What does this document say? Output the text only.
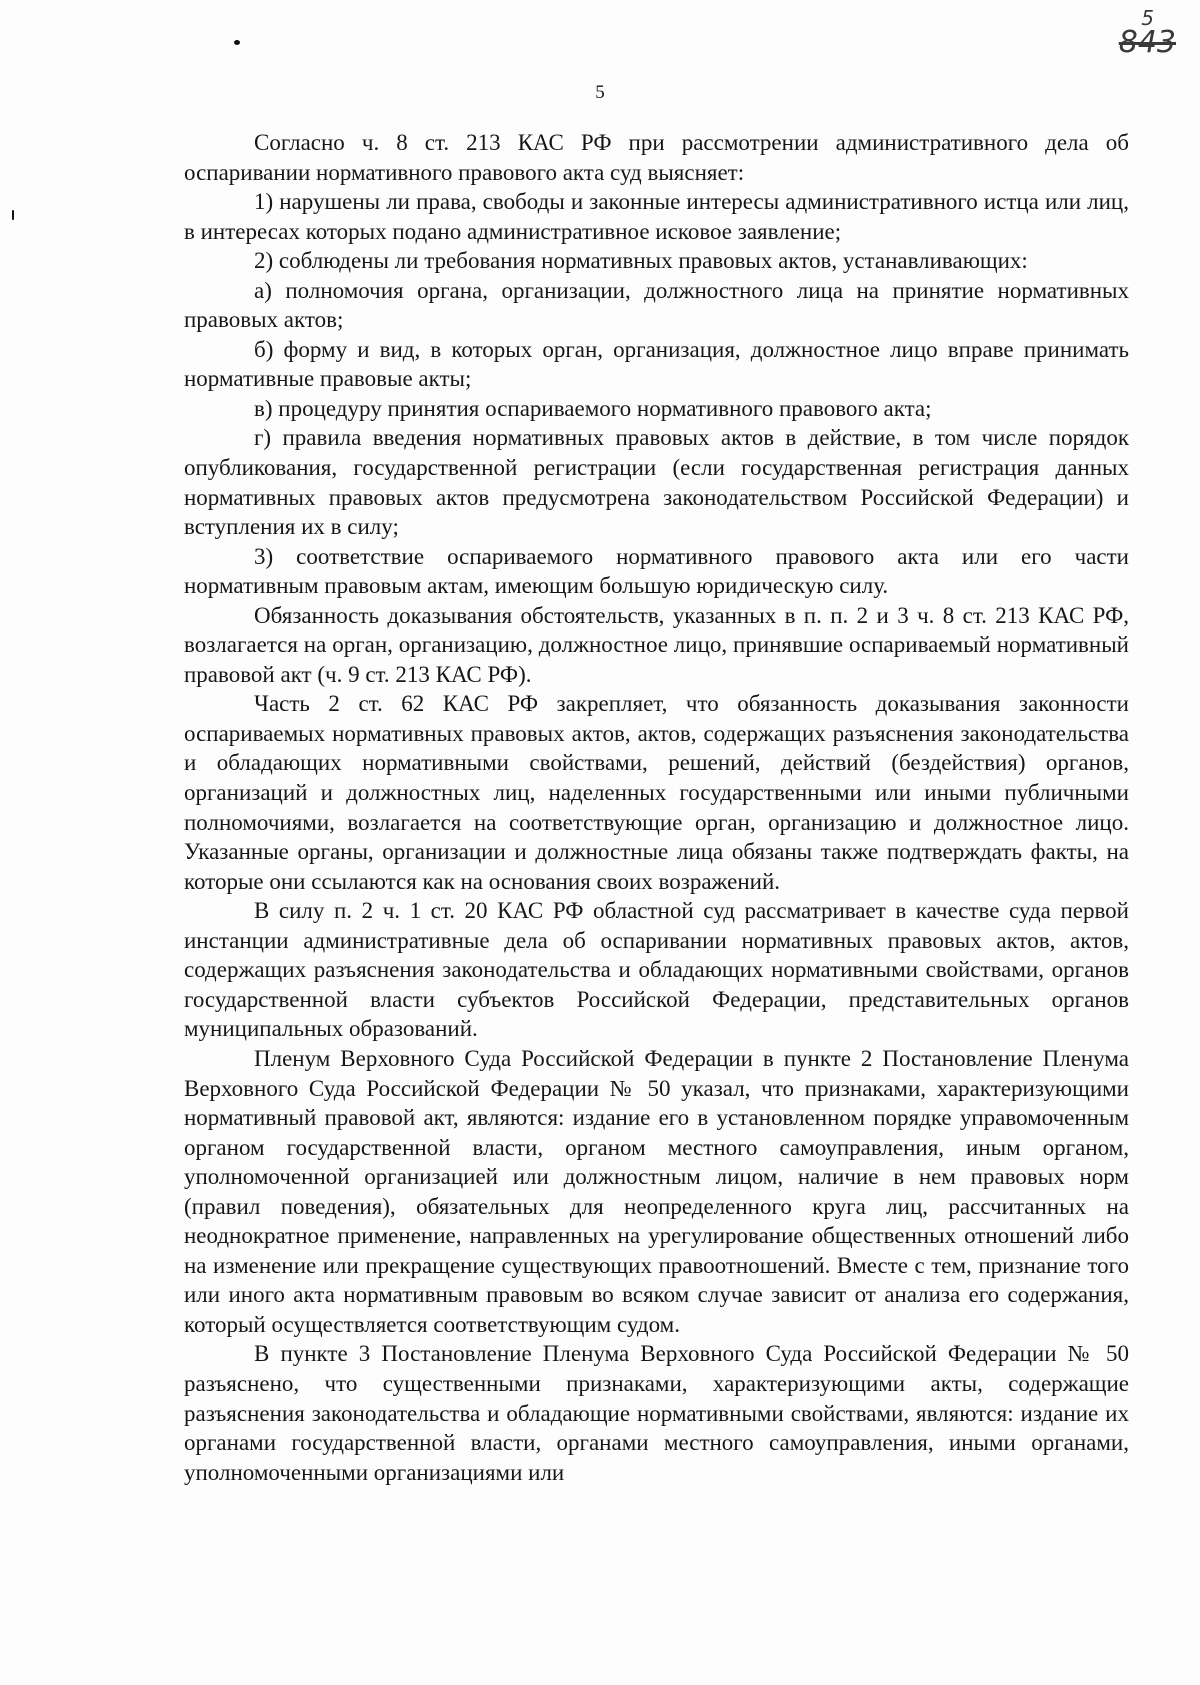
5
843
5

Согласно ч. 8 ст. 213 КАС РФ при рассмотрении административного дела об оспаривании нормативного правового акта суд выясняет:

1) нарушены ли права, свободы и законные интересы административного истца или лиц, в интересах которых подано административное исковое заявление;

2) соблюдены ли требования нормативных правовых актов, устанавливающих:

а) полномочия органа, организации, должностного лица на принятие нормативных правовых актов;

б) форму и вид, в которых орган, организация, должностное лицо вправе принимать нормативные правовые акты;

в) процедуру принятия оспариваемого нормативного правового акта;

г) правила введения нормативных правовых актов в действие, в том числе порядок опубликования, государственной регистрации (если государственная регистрация данных нормативных правовых актов предусмотрена законодательством Российской Федерации) и вступления их в силу;

3) соответствие оспариваемого нормативного правового акта или его части нормативным правовым актам, имеющим большую юридическую силу.

Обязанность доказывания обстоятельств, указанных в п. п. 2 и 3 ч. 8 ст. 213 КАС РФ, возлагается на орган, организацию, должностное лицо, принявшие оспариваемый нормативный правовой акт (ч. 9 ст. 213 КАС РФ).

Часть 2 ст. 62 КАС РФ закрепляет, что обязанность доказывания законности оспариваемых нормативных правовых актов, актов, содержащих разъяснения законодательства и обладающих нормативными свойствами, решений, действий (бездействия) органов, организаций и должностных лиц, наделенных государственными или иными публичными полномочиями, возлагается на соответствующие орган, организацию и должностное лицо. Указанные органы, организации и должностные лица обязаны также подтверждать факты, на которые они ссылаются как на основания своих возражений.

В силу п. 2 ч. 1 ст. 20 КАС РФ областной суд рассматривает в качестве суда первой инстанции административные дела об оспаривании нормативных правовых актов, актов, содержащих разъяснения законодательства и обладающих нормативными свойствами, органов государственной власти субъектов Российской Федерации, представительных органов муниципальных образований.

Пленум Верховного Суда Российской Федерации в пункте 2 Постановление Пленума Верховного Суда Российской Федерации № 50 указал, что признаками, характеризующими нормативный правовой акт, являются: издание его в установленном порядке управомоченным органом государственной власти, органом местного самоуправления, иным органом, уполномоченной организацией или должностным лицом, наличие в нем правовых норм (правил поведения), обязательных для неопределенного круга лиц, рассчитанных на неоднократное применение, направленных на урегулирование общественных отношений либо на изменение или прекращение существующих правоотношений. Вместе с тем, признание того или иного акта нормативным правовым во всяком случае зависит от анализа его содержания, который осуществляется соответствующим судом.

В пункте 3 Постановление Пленума Верховного Суда Российской Федерации № 50 разъяснено, что существенными признаками, характеризующими акты, содержащие разъяснения законодательства и обладающие нормативными свойствами, являются: издание их органами государственной власти, органами местного самоуправления, иными органами, уполномоченными организациями или
